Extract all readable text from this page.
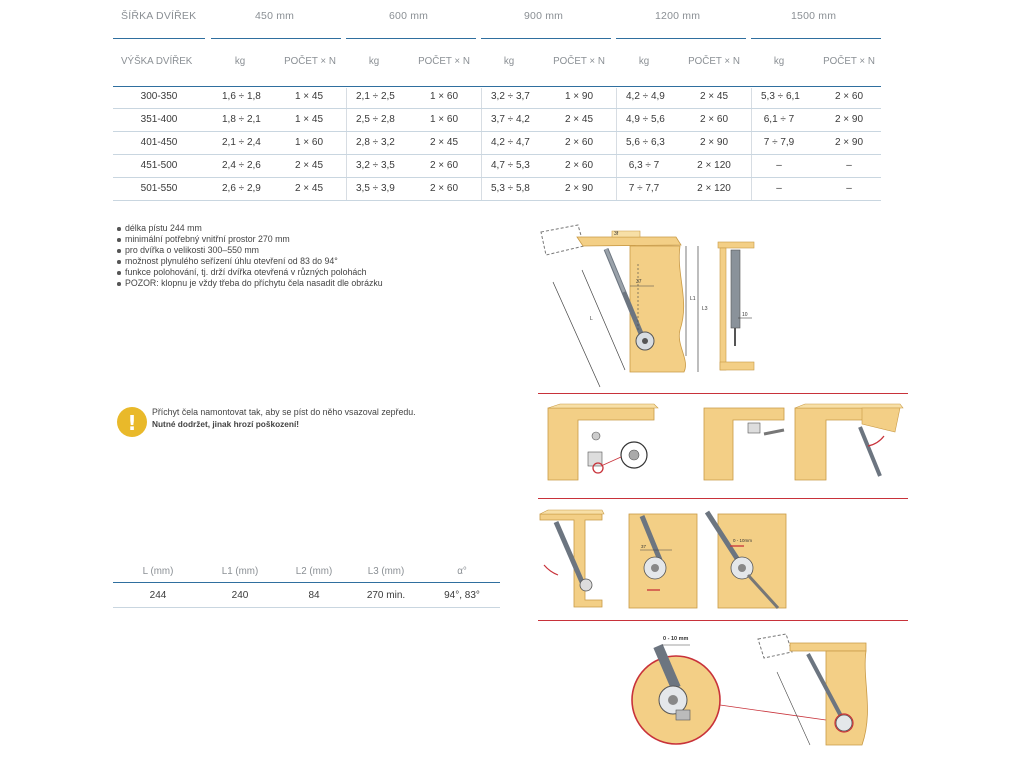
ŠÍŘKA DVÍŘEK	450 mm	600 mm	900 mm	1200 mm	1500 mm
VÝŠKA DVÍŘEK	kg	POČET × N	kg	POČET × N	kg	POČET × N	kg	POČET × N	kg	POČET × N
300-350	1,6 ÷ 1,8	1 × 45	2,1 ÷ 2,5	1 × 60	3,2 ÷ 3,7	1 × 90	4,2 ÷ 4,9	2 × 45	5,3 ÷ 6,1	2 × 60
351-400	1,8 ÷ 2,1	1 × 45	2,5 ÷ 2,8	1 × 60	3,7 ÷ 4,2	2 × 45	4,9 ÷ 5,6	2 × 60	6,1 ÷ 7	2 × 90
401-450	2,1 ÷ 2,4	1 × 60	2,8 ÷ 3,2	2 × 45	4,2 ÷ 4,7	2 × 60	5,6 ÷ 6,3	2 × 90	7 ÷ 7,9	2 × 90
451-500	2,4 ÷ 2,6	2 × 45	3,2 ÷ 3,5	2 × 60	4,7 ÷ 5,3	2 × 60	6,3 ÷ 7	2 × 120	–	–
501-550	2,6 ÷ 2,9	2 × 45	3,5 ÷ 3,9	2 × 60	5,3 ÷ 5,8	2 × 90	7 ÷ 7,7	2 × 120	–	–
délka pístu 244 mm
minimální potřebný vnitřní prostor 270 mm
pro dvířka o velikosti 300–550 mm
možnost plynulého seřízení úhlu otevření od 83 do 94°
funkce polohování, tj. drží dvířka otevřená v různých polohách
POZOR: klopnu je vždy třeba do příchytu čela nasadit dle obrázku
!	Příchyt čela namontovat tak, aby se píst do něho vsazoval zepředu.
Nutné dodržet, jinak hrozí poškození!
L (mm)	L1 (mm)	L2 (mm)	L3 (mm)	α°
244	240	84	270 min.	94°, 83°
3f
37
L1
L3
L
10
37
0 - 10mm
0 - 10 mm
